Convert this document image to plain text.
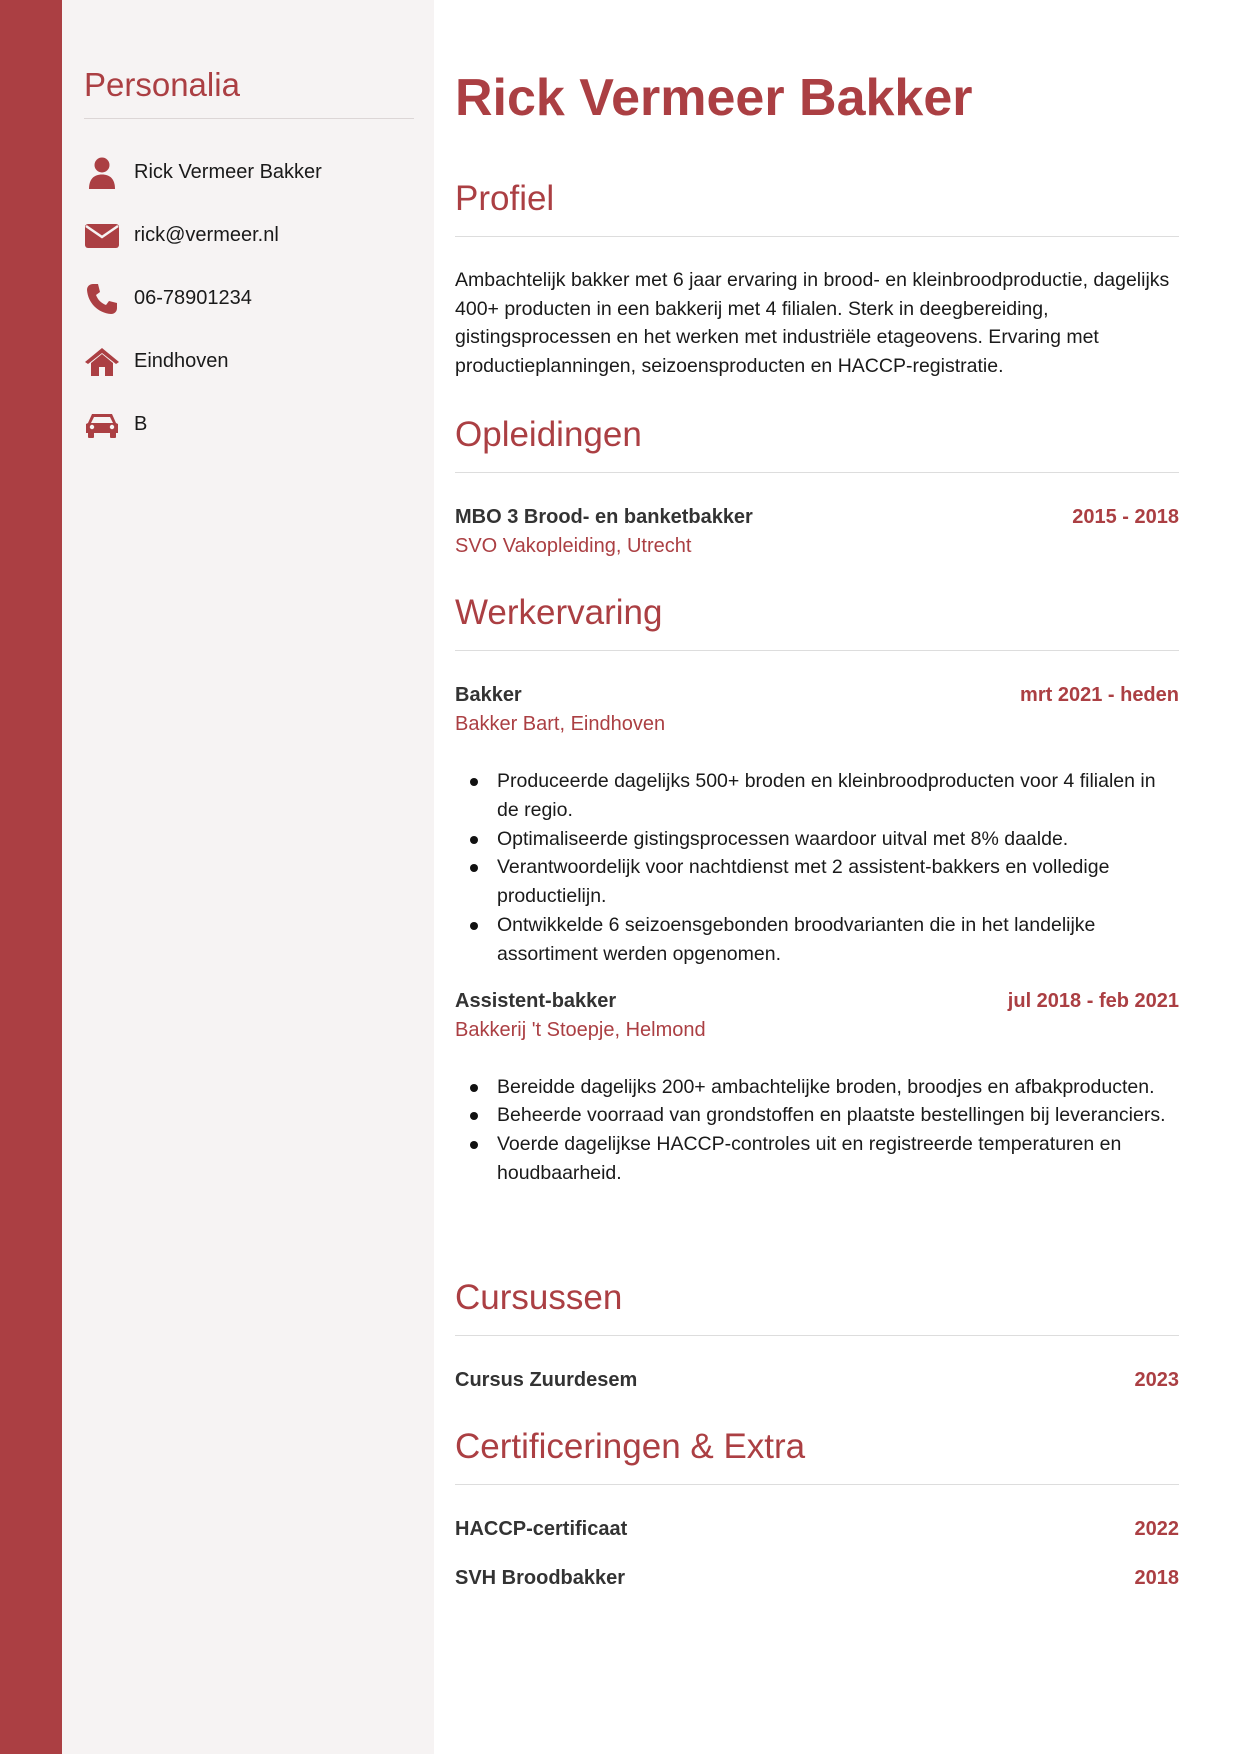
Personalia
Rick Vermeer Bakker
rick@vermeer.nl
06-78901234
Eindhoven
B
Rick Vermeer Bakker
Profiel

Ambachtelijk bakker met 6 jaar ervaring in brood- en kleinbroodproductie, dagelijks 400+ producten in een bakkerij met 4 filialen. Sterk in deegbereiding, gistingsprocessen en het werken met industriële etageovens. Ervaring met productieplanningen, seizoensproducten en HACCP-registratie.

Opleidingen
MBO 3 Brood- en banketbakker	2015 - 2018
SVO Vakopleiding, Utrecht
Werkervaring
Bakker	mrt 2021 - heden
Bakker Bart, Eindhoven
Produceerde dagelijks 500+ broden en kleinbroodproducten voor 4 filialen in de regio.
Optimaliseerde gistingsprocessen waardoor uitval met 8% daalde.
Verantwoordelijk voor nachtdienst met 2 assistent-bakkers en volledige productielijn.
Ontwikkelde 6 seizoensgebonden broodvarianten die in het landelijke assortiment werden opgenomen.
Assistent-bakker	jul 2018 - feb 2021
Bakkerij 't Stoepje, Helmond
Bereidde dagelijks 200+ ambachtelijke broden, broodjes en afbakproducten.
Beheerde voorraad van grondstoffen en plaatste bestellingen bij leveranciers.
Voerde dagelijkse HACCP-controles uit en registreerde temperaturen en houdbaarheid.
Cursussen
Cursus Zuurdesem	2023
Certificeringen & Extra
HACCP-certificaat	2022
SVH Broodbakker	2018
